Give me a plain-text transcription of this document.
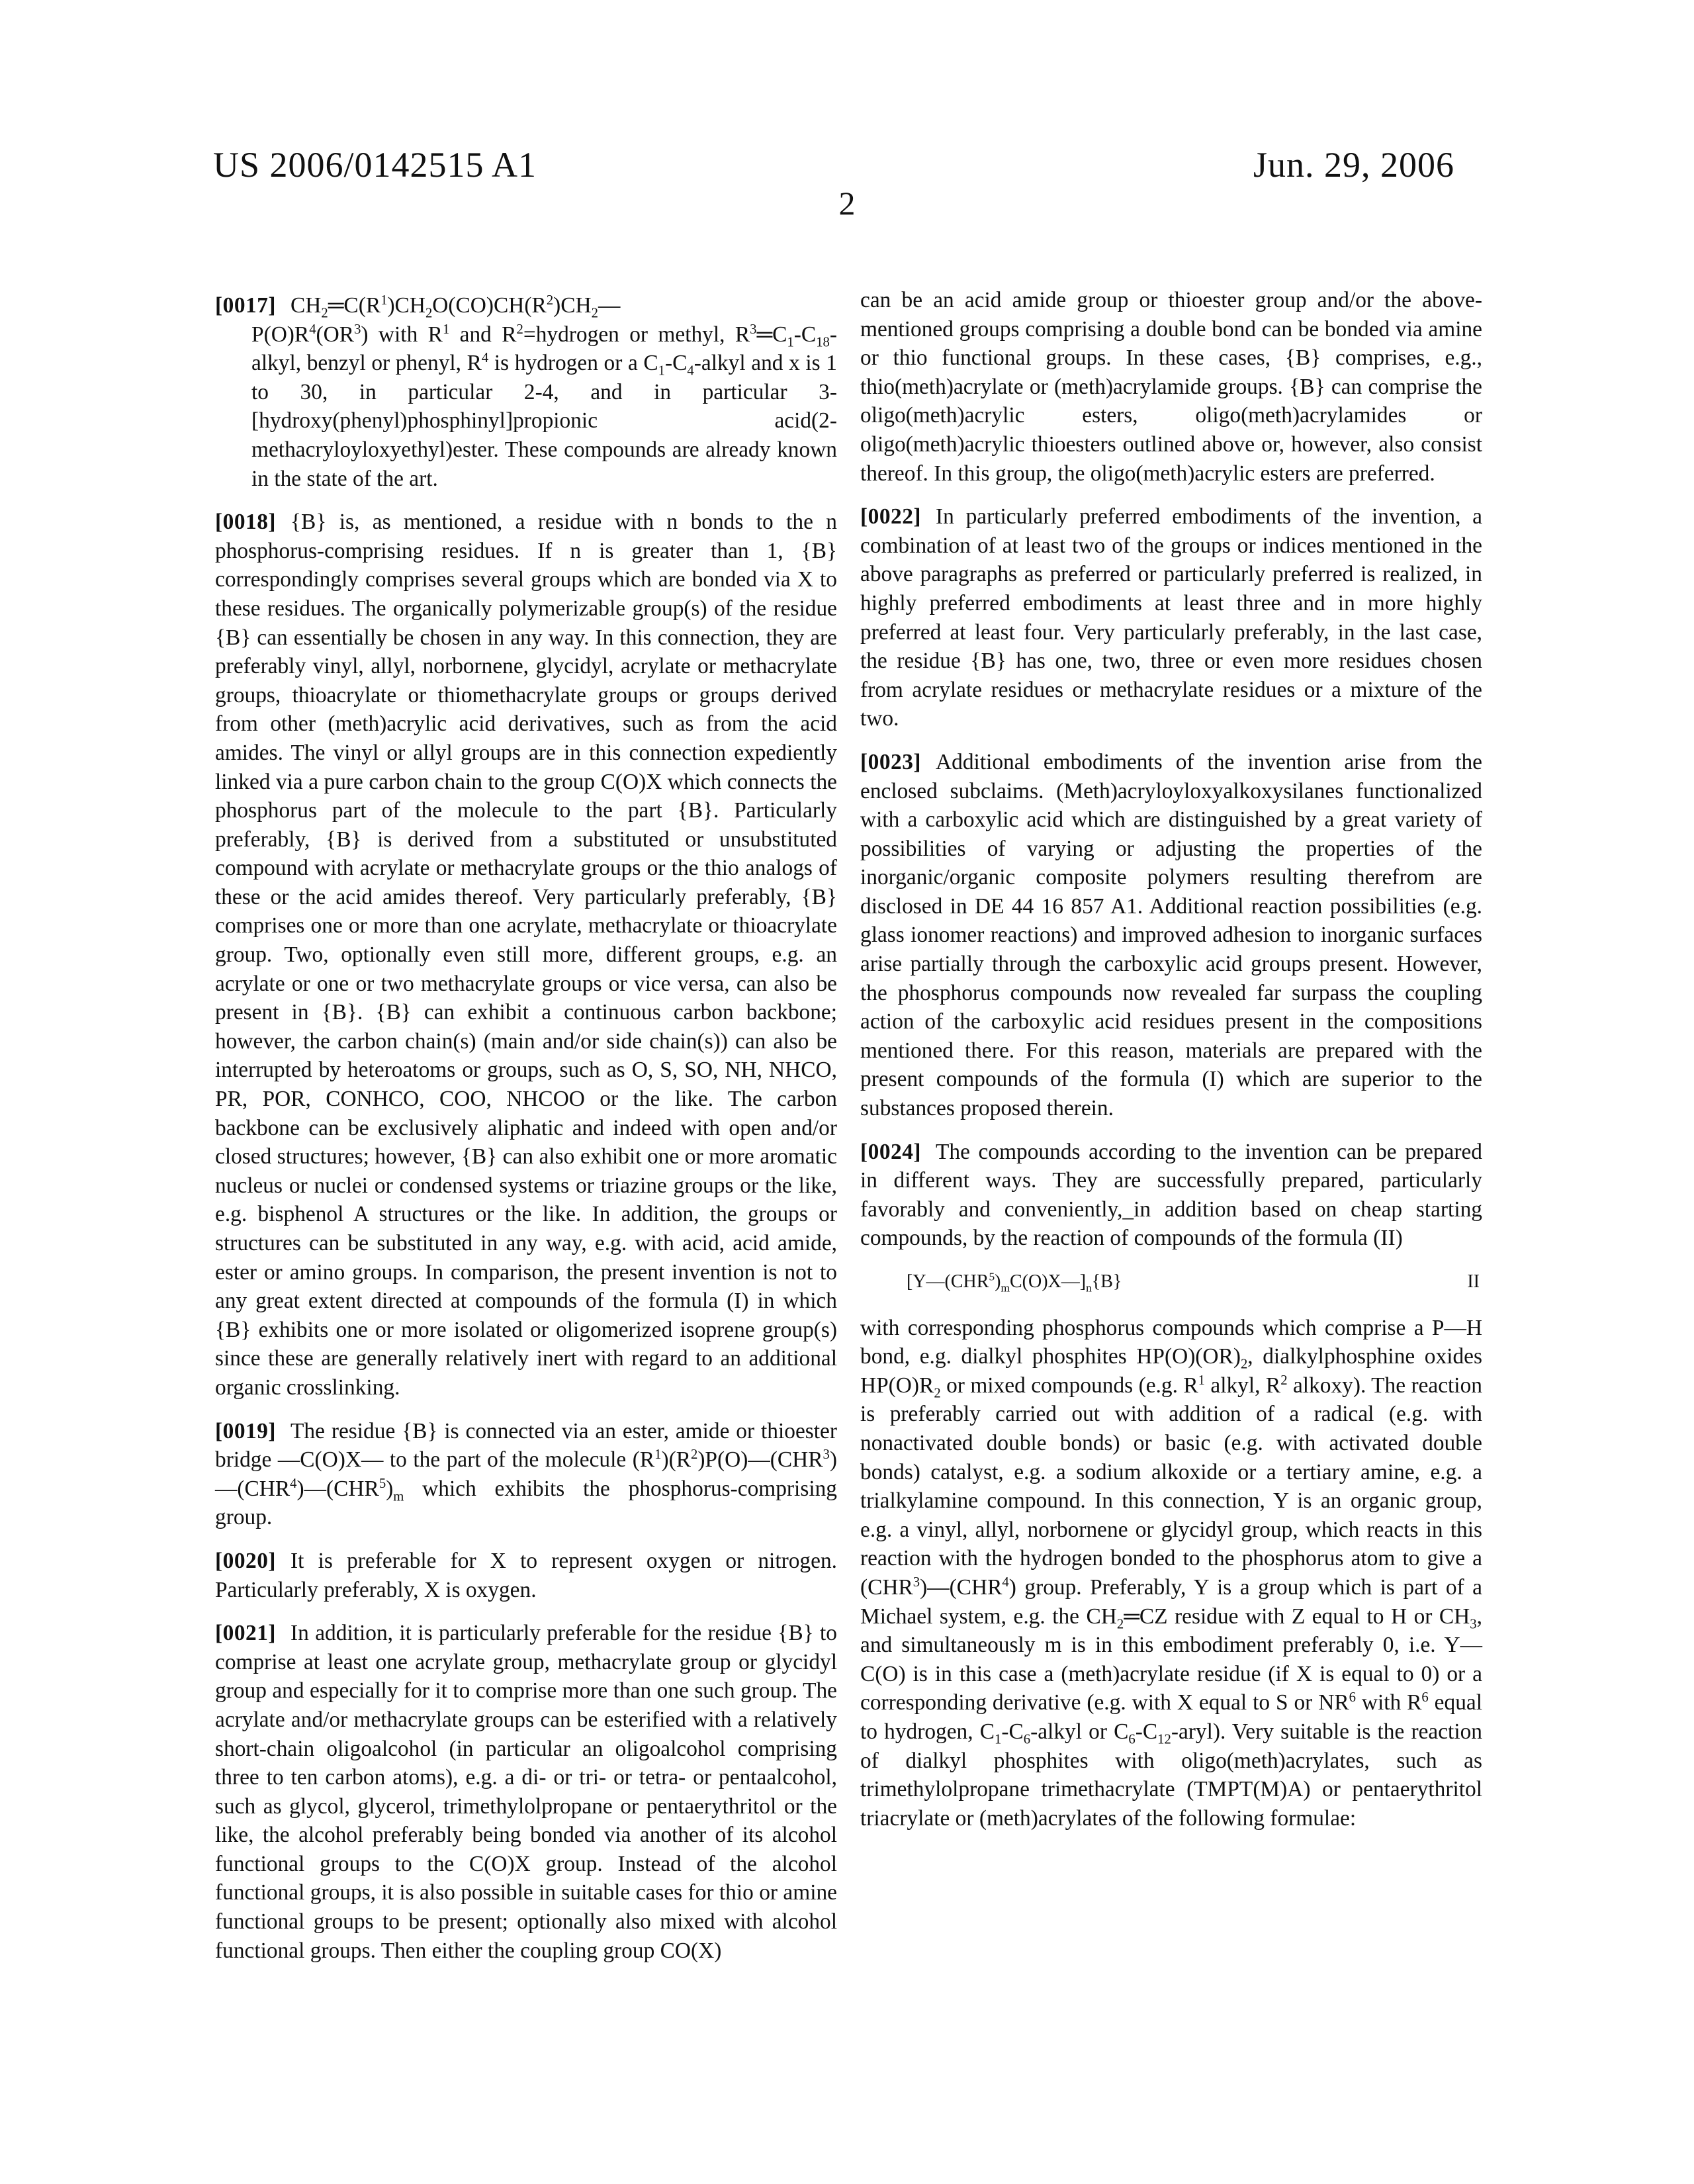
US 2006/0142515 A1	Jun. 29, 2006
2
[0017] CH2═C(R1)CH2O(CO)CH(R2)CH2—
P(O)R4(OR3) with R1 and R2=hydrogen or methyl, R3═C1-C18-alkyl, benzyl or phenyl, R4 is hydrogen or a C1-C4-alkyl and x is 1 to 30, in particular 2-4, and in particular 3-[hydroxy(phenyl)phosphinyl]propionic acid(2-methacryloyloxyethyl)ester. These compounds are already known in the state of the art.
[0018] {B} is, as mentioned, a residue with n bonds to the n phosphorus-comprising residues. If n is greater than 1, {B} correspondingly comprises several groups which are bonded via X to these residues. The organically polymerizable group(s) of the residue {B} can essentially be chosen in any way. In this connection, they are preferably vinyl, allyl, norbornene, glycidyl, acrylate or methacrylate groups, thioacrylate or thiomethacrylate groups or groups derived from other (meth)acrylic acid derivatives, such as from the acid amides. The vinyl or allyl groups are in this connection expediently linked via a pure carbon chain to the group C(O)X which connects the phosphorus part of the molecule to the part {B}. Particularly preferably, {B} is derived from a substituted or unsubstituted compound with acrylate or methacrylate groups or the thio analogs of these or the acid amides thereof. Very particularly preferably, {B} comprises one or more than one acrylate, methacrylate or thioacrylate group. Two, optionally even still more, different groups, e.g. an acrylate or one or two methacrylate groups or vice versa, can also be present in {B}. {B} can exhibit a continuous carbon backbone; however, the carbon chain(s) (main and/or side chain(s)) can also be interrupted by heteroatoms or groups, such as O, S, SO, NH, NHCO, PR, POR, CONHCO, COO, NHCOO or the like. The carbon backbone can be exclusively aliphatic and indeed with open and/or closed structures; however, {B} can also exhibit one or more aromatic nucleus or nuclei or condensed systems or triazine groups or the like, e.g. bisphenol A structures or the like. In addition, the groups or structures can be substituted in any way, e.g. with acid, acid amide, ester or amino groups. In comparison, the present invention is not to any great extent directed at compounds of the formula (I) in which {B} exhibits one or more isolated or oligomerized isoprene group(s) since these are generally relatively inert with regard to an additional organic crosslinking.
[0019] The residue {B} is connected via an ester, amide or thioester bridge —C(O)X— to the part of the molecule (R1)(R2)P(O)—(CHR3)—(CHR4)—(CHR5)m which exhibits the phosphorus-comprising group.
[0020] It is preferable for X to represent oxygen or nitrogen. Particularly preferably, X is oxygen.
[0021] In addition, it is particularly preferable for the residue {B} to comprise at least one acrylate group, methacrylate group or glycidyl group and especially for it to comprise more than one such group. The acrylate and/or methacrylate groups can be esterified with a relatively short-chain oligoalcohol (in particular an oligoalcohol comprising three to ten carbon atoms), e.g. a di- or tri- or tetra- or pentaalcohol, such as glycol, glycerol, trimethylolpropane or pentaerythritol or the like, the alcohol preferably being bonded via another of its alcohol functional groups to the C(O)X group. Instead of the alcohol functional groups, it is also possible in suitable cases for thio or amine functional groups to be present; optionally also mixed with alcohol functional groups. Then either the coupling group CO(X)
can be an acid amide group or thioester group and/or the above-mentioned groups comprising a double bond can be bonded via amine or thio functional groups. In these cases, {B} comprises, e.g., thio(meth)acrylate or (meth)acrylamide groups. {B} can comprise the oligo(meth)acrylic esters, oligo(meth)acrylamides or oligo(meth)acrylic thioesters outlined above or, however, also consist thereof. In this group, the oligo(meth)acrylic esters are preferred.
[0022] In particularly preferred embodiments of the invention, a combination of at least two of the groups or indices mentioned in the above paragraphs as preferred or particularly preferred is realized, in highly preferred embodiments at least three and in more highly preferred at least four. Very particularly preferably, in the last case, the residue {B} has one, two, three or even more residues chosen from acrylate residues or methacrylate residues or a mixture of the two.
[0023] Additional embodiments of the invention arise from the enclosed subclaims. (Meth)acryloyloxyalkoxysilanes functionalized with a carboxylic acid which are distinguished by a great variety of possibilities of varying or adjusting the properties of the inorganic/organic composite polymers resulting therefrom are disclosed in DE 44 16 857 A1. Additional reaction possibilities (e.g. glass ionomer reactions) and improved adhesion to inorganic surfaces arise partially through the carboxylic acid groups present. However, the phosphorus compounds now revealed far surpass the coupling action of the carboxylic acid residues present in the compositions mentioned there. For this reason, materials are prepared with the present compounds of the formula (I) which are superior to the substances proposed therein.
[0024] The compounds according to the invention can be prepared in different ways. They are successfully prepared, particularly favorably and conveniently,_in addition based on cheap starting compounds, by the reaction of compounds of the formula (II)
[Y—(CHR5)mC(O)X—]n{B}	II
with corresponding phosphorus compounds which comprise a P—H bond, e.g. dialkyl phosphites HP(O)(OR)2, dialkylphosphine oxides HP(O)R2 or mixed compounds (e.g. R1 alkyl, R2 alkoxy). The reaction is preferably carried out with addition of a radical (e.g. with nonactivated double bonds) or basic (e.g. with activated double bonds) catalyst, e.g. a sodium alkoxide or a tertiary amine, e.g. a trialkylamine compound. In this connection, Y is an organic group, e.g. a vinyl, allyl, norbornene or glycidyl group, which reacts in this reaction with the hydrogen bonded to the phosphorus atom to give a (CHR3)—(CHR4) group. Preferably, Y is a group which is part of a Michael system, e.g. the CH2═CZ residue with Z equal to H or CH3, and simultaneously m is in this embodiment preferably 0, i.e. Y—C(O) is in this case a (meth)acrylate residue (if X is equal to 0) or a corresponding derivative (e.g. with X equal to S or NR6 with R6 equal to hydrogen, C1-C6-alkyl or C6-C12-aryl). Very suitable is the reaction of dialkyl phosphites with oligo(meth)acrylates, such as trimethylolpropane trimethacrylate (TMPT(M)A) or pentaerythritol triacrylate or (meth)acrylates of the following formulae:
